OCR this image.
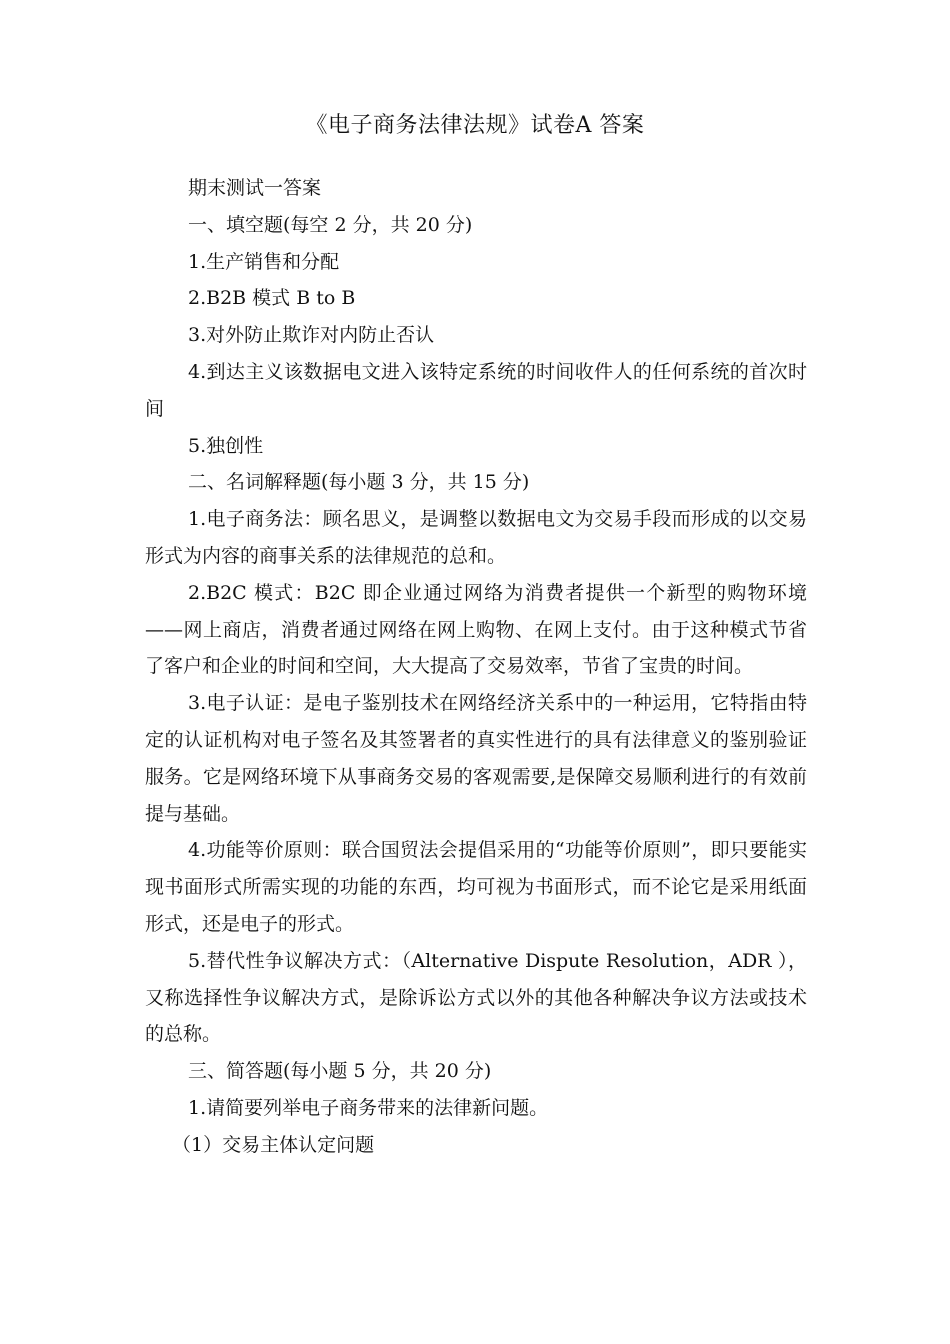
《电子商务法律法规》试卷A 答案

期末测试一答案

一、填空题(每空 2 分，共 20 分)

1.生产销售和分配

2.B2B 模式 B to B

3.对外防止欺诈对内防止否认

4.到达主义该数据电文进入该特定系统的时间收件人的任何系统的首次时间

5.独创性

二、名词解释题(每小题 3 分，共 15 分)

1.电子商务法：顾名思义，是调整以数据电文为交易手段而形成的以交易形式为内容的商事关系的法律规范的总和。

2.B2C 模式：B2C 即企业通过网络为消费者提供一个新型的购物环境——网上商店，消费者通过网络在网上购物、在网上支付。由于这种模式节省了客户和企业的时间和空间，大大提高了交易效率，节省了宝贵的时间。

3.电子认证：是电子鉴别技术在网络经济关系中的一种运用，它特指由特定的认证机构对电子签名及其签署者的真实性进行的具有法律意义的鉴别验证服务。它是网络环境下从事商务交易的客观需要,是保障交易顺利进行的有效前提与基础。

4.功能等价原则：联合国贸法会提倡采用的“功能等价原则”，即只要能实现书面形式所需实现的功能的东西，均可视为书面形式，而不论它是采用纸面形式，还是电子的形式。

5.替代性争议解决方式：（Alternative Dispute Resolution，ADR ），又称选择性争议解决方式，是除诉讼方式以外的其他各种解决争议方法或技术的总称。

三、简答题(每小题 5 分，共 20 分)

1.请简要列举电子商务带来的法律新问题。

（1）交易主体认定问题
